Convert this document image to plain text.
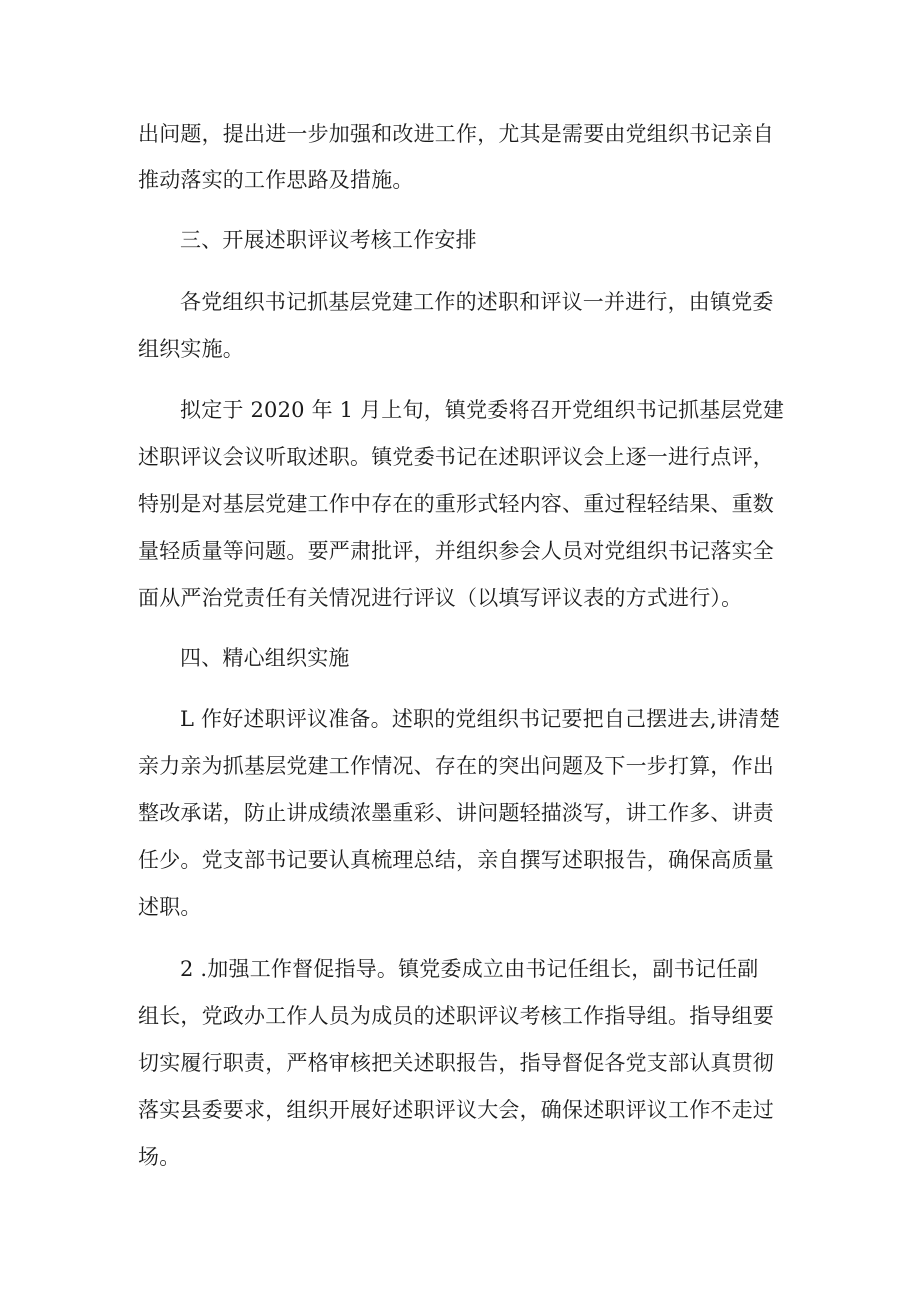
出问题，提出进一步加强和改进工作，尤其是需要由党组织书记亲自
推动落实的工作思路及措施。
三、开展述职评议考核工作安排
各党组织书记抓基层党建工作的述职和评议一并进行，由镇党委
组织实施。
拟定于 2020 年 1 月上旬，镇党委将召开党组织书记抓基层党建
述职评议会议听取述职。镇党委书记在述职评议会上逐一进行点评，
特别是对基层党建工作中存在的重形式轻内容、重过程轻结果、重数
量轻质量等问题。要严肃批评，并组织参会人员对党组织书记落实全
面从严治党责任有关情况进行评议（以填写评议表的方式进行）。
四、精心组织实施
L 作好述职评议准备。述职的党组织书记要把自己摆进去,讲清楚
亲力亲为抓基层党建工作情况、存在的突出问题及下一步打算，作出
整改承诺，防止讲成绩浓墨重彩、讲问题轻描淡写，讲工作多、讲责
任少。党支部书记要认真梳理总结，亲自撰写述职报告，确保高质量
述职。
2 .加强工作督促指导。镇党委成立由书记任组长，副书记任副
组长，党政办工作人员为成员的述职评议考核工作指导组。指导组要
切实履行职责，严格审核把关述职报告，指导督促各党支部认真贯彻
落实县委要求，组织开展好述职评议大会，确保述职评议工作不走过
场。
